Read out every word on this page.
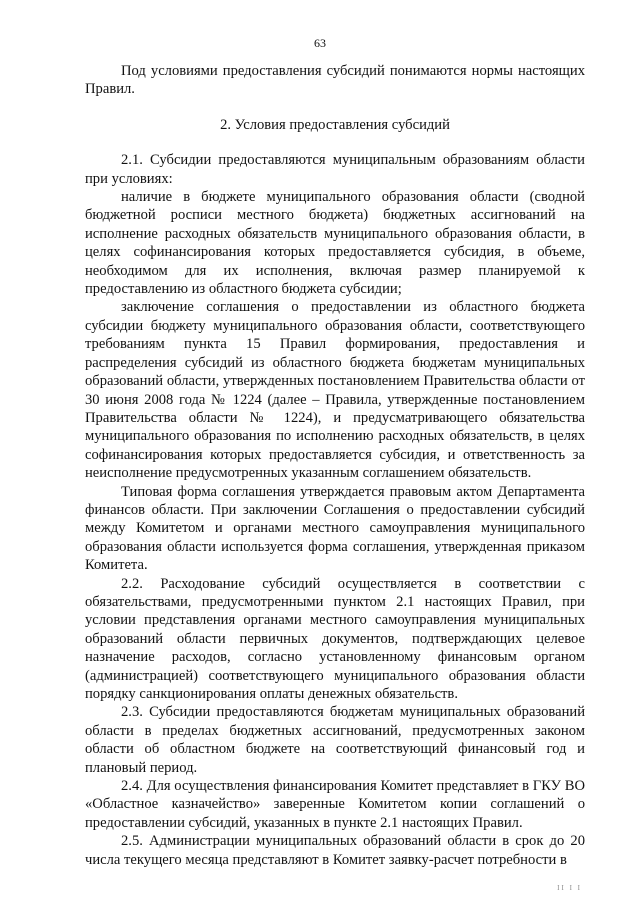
63

Под условиями предоставления субсидий понимаются нормы настоящих Правил.

2. Условия предоставления субсидий

2.1. Субсидии предоставляются муниципальным образованиям области при условиях:

наличие в бюджете муниципального образования области (сводной бюджетной росписи местного бюджета) бюджетных ассигнований на исполнение расходных обязательств муниципального образования области, в целях софинансирования которых предоставляется субсидия, в объеме, необходимом для их исполнения, включая размер планируемой к предоставлению из областного бюджета субсидии;

заключение соглашения о предоставлении из областного бюджета субсидии бюджету муниципального образования области, соответствующего требованиям пункта 15 Правил формирования, предоставления и распределения субсидий из областного бюджета бюджетам муниципальных образований области, утвержденных постановлением Правительства области от 30 июня 2008 года № 1224 (далее – Правила, утвержденные постановлением Правительства области № 1224), и предусматривающего обязательства муниципального образования по исполнению расходных обязательств, в целях софинансирования которых предоставляется субсидия, и ответственность за неисполнение предусмотренных указанным соглашением обязательств.

Типовая форма соглашения утверждается правовым актом Департамента финансов области. При заключении Соглашения о предоставлении субсидий между Комитетом и органами местного самоуправления муниципального образования области используется форма соглашения, утвержденная приказом Комитета.

2.2. Расходование субсидий осуществляется в соответствии с обязательствами, предусмотренными пунктом 2.1 настоящих Правил, при условии представления органами местного самоуправления муниципальных образований области первичных документов, подтверждающих целевое назначение расходов, согласно установленному финансовым органом (администрацией) соответствующего муниципального образования области порядку санкционирования оплаты денежных обязательств.

2.3. Субсидии предоставляются бюджетам муниципальных образований области в пределах бюджетных ассигнований, предусмотренных законом области об областном бюджете на соответствующий финансовый год и плановый период.

2.4. Для осуществления финансирования Комитет представляет в ГКУ ВО «Областное казначейство» заверенные Комитетом копии соглашений о предоставлении субсидий, указанных в пункте 2.1 настоящих Правил.

2.5. Администрации муниципальных образований области в срок до 20 числа текущего месяца представляют в Комитет заявку-расчет потребности в

II I I
